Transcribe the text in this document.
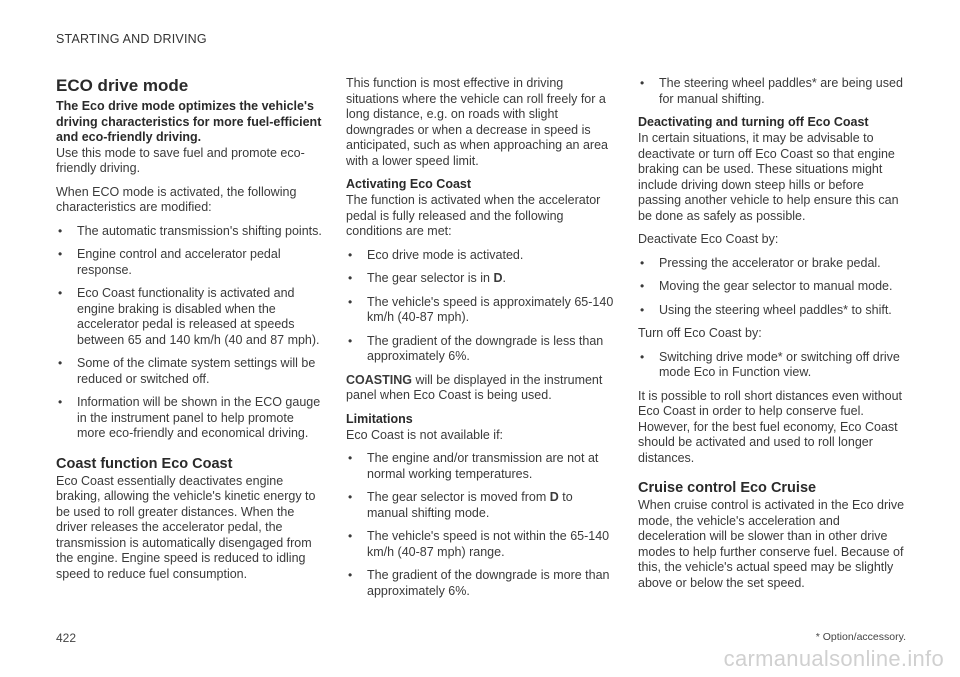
STARTING AND DRIVING
ECO drive mode

The Eco drive mode optimizes the vehicle's driving characteristics for more fuel-efficient and eco-friendly driving.

Use this mode to save fuel and promote eco-friendly driving.

When ECO mode is activated, the following characteristics are modified:

• The automatic transmission's shifting points.
• Engine control and accelerator pedal response.
• Eco Coast functionality is activated and engine braking is disabled when the accelerator pedal is released at speeds between 65 and 140 km/h (40 and 87 mph).
• Some of the climate system settings will be reduced or switched off.
• Information will be shown in the ECO gauge in the instrument panel to help promote more eco-friendly and economical driving.
Coast function Eco Coast

Eco Coast essentially deactivates engine braking, allowing the vehicle's kinetic energy to be used to roll greater distances. When the driver releases the accelerator pedal, the transmission is automatically disengaged from the engine. Engine speed is reduced to idling speed to reduce fuel consumption.

This function is most effective in driving situations where the vehicle can roll freely for a long distance, e.g. on roads with slight downgrades or when a decrease in speed is anticipated, such as when approaching an area with a lower speed limit.

Activating Eco Coast

The function is activated when the accelerator pedal is fully released and the following conditions are met:

• Eco drive mode is activated.
• The gear selector is in D.
• The vehicle's speed is approximately 65-140 km/h (40-87 mph).
• The gradient of the downgrade is less than approximately 6%.

COASTING will be displayed in the instrument panel when Eco Coast is being used.

Limitations

Eco Coast is not available if:

• The engine and/or transmission are not at normal working temperatures.
• The gear selector is moved from D to manual shifting mode.
• The vehicle's speed is not within the 65-140 km/h (40-87 mph) range.
• The gradient of the downgrade is more than approximately 6%.
• The steering wheel paddles* are being used for manual shifting.
Deactivating and turning off Eco Coast

In certain situations, it may be advisable to deactivate or turn off Eco Coast so that engine braking can be used. These situations might include driving down steep hills or before passing another vehicle to help ensure this can be done as safely as possible.

Deactivate Eco Coast by:

• Pressing the accelerator or brake pedal.
• Moving the gear selector to manual mode.
• Using the steering wheel paddles* to shift.

Turn off Eco Coast by:

• Switching drive mode* or switching off drive mode Eco in Function view.

It is possible to roll short distances even without Eco Coast in order to help conserve fuel. However, for the best fuel economy, Eco Coast should be activated and used to roll longer distances.

Cruise control Eco Cruise

When cruise control is activated in the Eco drive mode, the vehicle's acceleration and deceleration will be slower than in other drive modes to help further conserve fuel. Because of this, the vehicle's actual speed may be slightly above or below the set speed.

422	* Option/accessory.
carmanualsonline.info
